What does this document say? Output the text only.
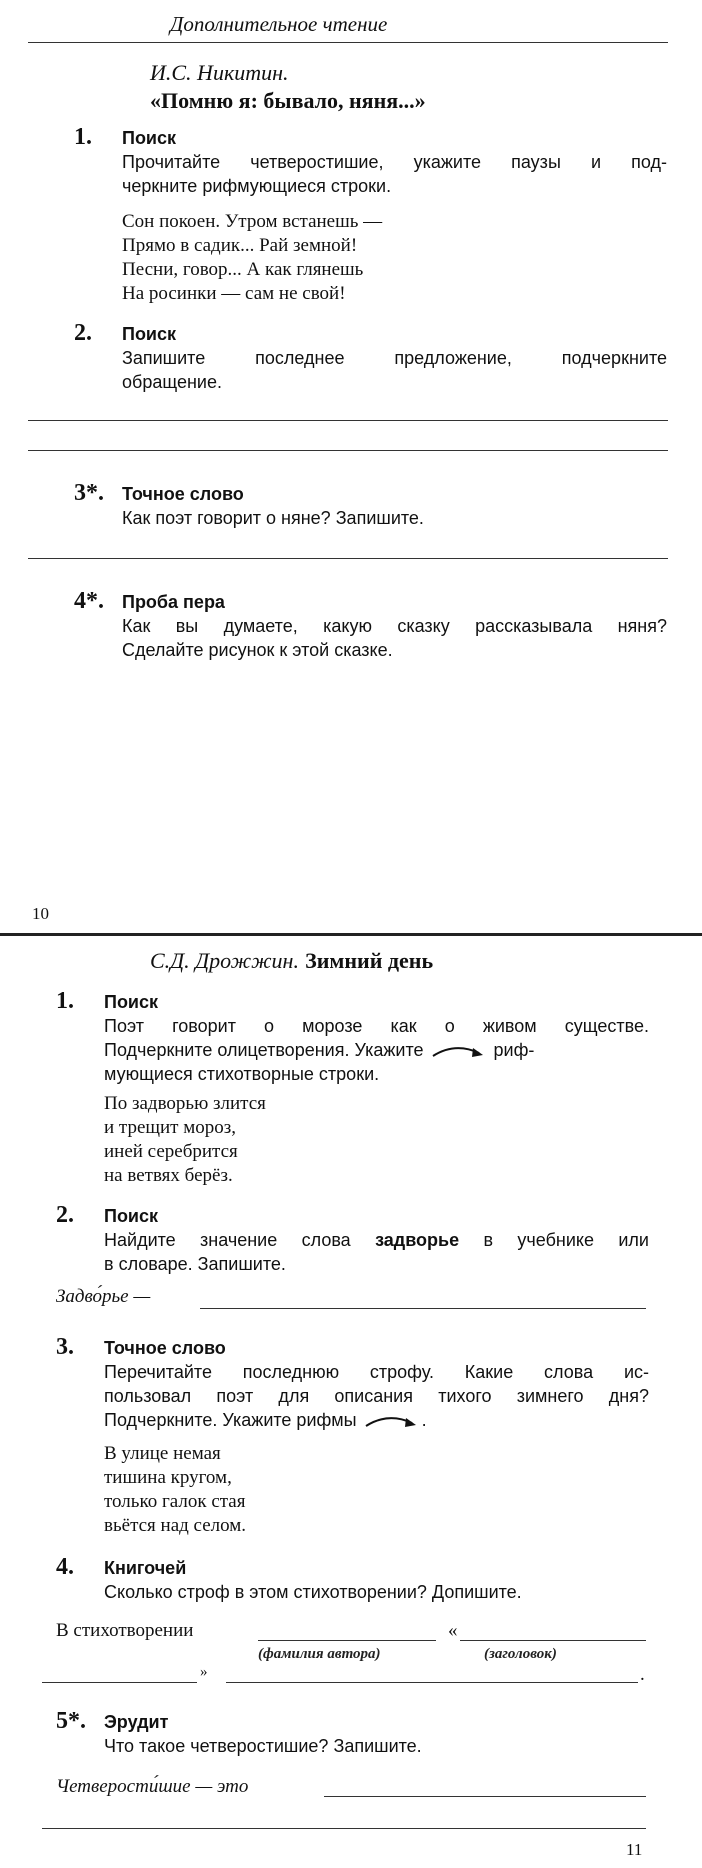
Дополнительное чтение
И.С. Никитин.
«Помню я: бывало, няня...»
1. Поиск
Прочитайте четверостишие, укажите паузы и под-
черкните рифмующиеся строки.
Сон покоен. Утром встанешь —
Прямо в садик... Рай земной!
Песни, говор... А как глянешь
На росинки — сам не свой!
2. Поиск
Запишите последнее предложение, подчеркните
обращение.
3*. Точное слово
Как поэт говорит о няне? Запишите.
4*. Проба пера
Как вы думаете, какую сказку рассказывала няня?
Сделайте рисунок к этой сказке.
10
С.Д. Дрожжин. Зимний день
1. Поиск
Поэт говорит о морозе как о живом существе.
Подчеркните олицетворения. Укажите	риф-
мующиеся стихотворные строки.
По задворью злится
и трещит мороз,
иней серебрится
на ветвях берёз.
2. Поиск
Найдите значение слова задворье в учебнике или
в словаре. Запишите.
Задво́рье —
3. Точное слово
Перечитайте последнюю строфу. Какие слова ис-
пользовал поэт для описания тихого зимнего дня?
Подчеркните. Укажите рифмы	.
В улице немая
тишина кругом,
только галок стая
вьётся над селом.
4. Книгочей
Сколько строф в этом стихотворении? Допишите.
В стихотворении	«
(фамилия автора)	(заголовок)
»	.
5*. Эрудит
Что такое четверостишие? Запишите.
Четверости́шие — это
11
